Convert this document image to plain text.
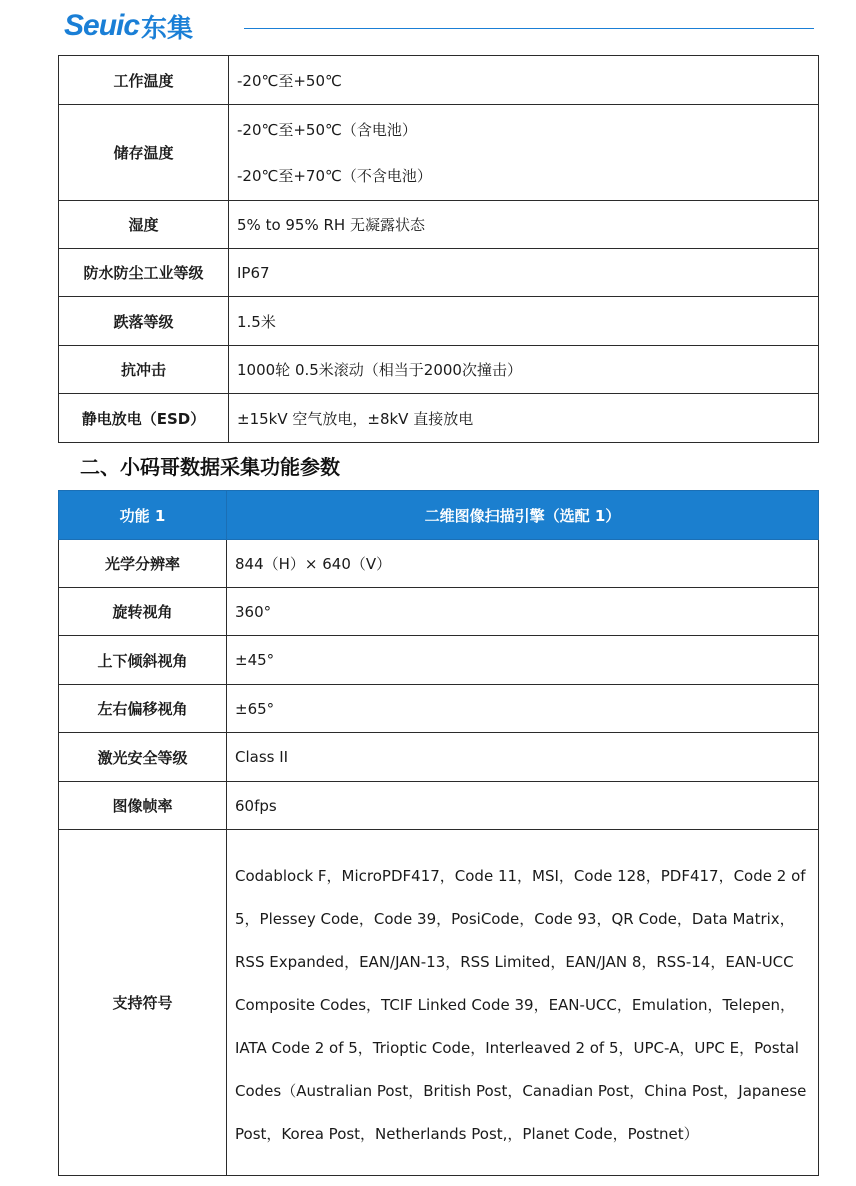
Seuic 东集
工作温度	-20℃至+50℃
储存温度	-20℃至+50℃（含电池）
-20℃至+70℃（不含电池）

湿度	5% to 95% RH 无凝露状态
防水防尘工业等级	IP67
跌落等级	1.5米
抗冲击	1000轮 0.5米滚动（相当于2000次撞击）
静电放电（ESD）	±15kV 空气放电，±8kV 直接放电
二、小码哥数据采集功能参数
功能 1	二维图像扫描引擎（选配 1）
光学分辨率	844（H）× 640（V）
旋转视角	360°
上下倾斜视角	±45°
左右偏移视角	±65°
激光安全等级	Class II
图像帧率	60fps
支持符号	Codablock F，MicroPDF417，Code 11，MSI，Code 128，PDF417，Code 2 of 5，Plessey Code，Code 39，PosiCode，Code 93，QR Code，Data Matrix，RSS Expanded，EAN/JAN-13，RSS Limited，EAN/JAN 8，RSS-14，EAN-UCC Composite Codes，TCIF Linked Code 39，EAN-UCC，Emulation，Telepen，IATA Code 2 of 5，Trioptic Code，Interleaved 2 of 5，UPC-A，UPC E，Postal Codes（Australian Post，British Post，Canadian Post，China Post，Japanese Post，Korea Post，Netherlands Post,，Planet Code，Postnet）
